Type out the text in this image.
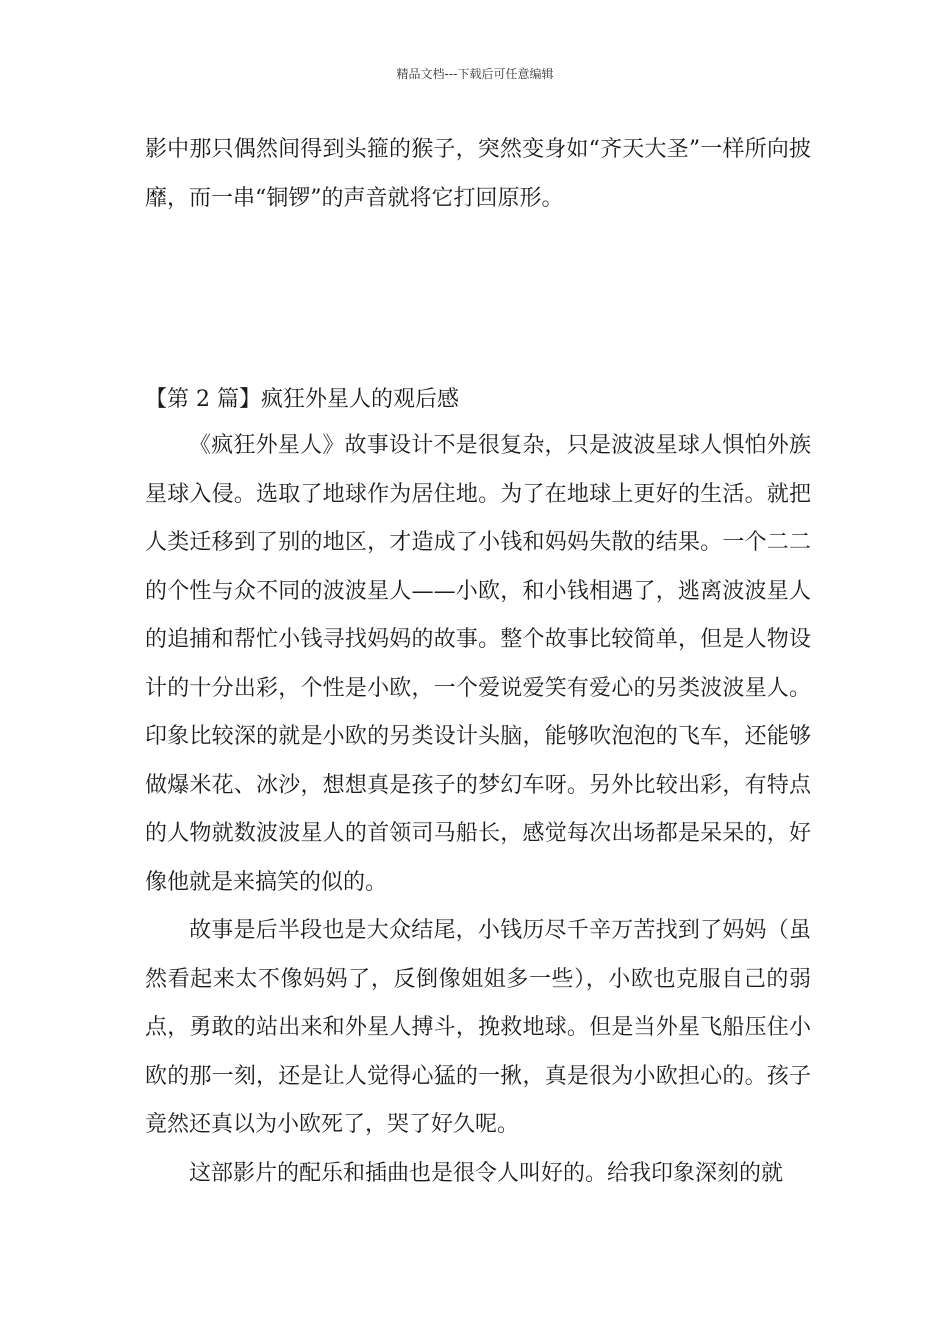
精品文档---下载后可任意编辑

影中那只偶然间得到头箍的猴子，突然变身如“齐天大圣”一样所向披靡，而一串“铜锣”的声音就将它打回原形。

【第 2 篇】疯狂外星人的观后感

《疯狂外星人》故事设计不是很复杂，只是波波星球人惧怕外族星球入侵。选取了地球作为居住地。为了在地球上更好的生活。就把人类迁移到了别的地区，才造成了小钱和妈妈失散的结果。一个二二的个性与众不同的波波星人——小欧，和小钱相遇了，逃离波波星人的追捕和帮忙小钱寻找妈妈的故事。整个故事比较简单，但是人物设计的十分出彩，个性是小欧，一个爱说爱笑有爱心的另类波波星人。印象比较深的就是小欧的另类设计头脑，能够吹泡泡的飞车，还能够做爆米花、冰沙，想想真是孩子的梦幻车呀。另外比较出彩，有特点的人物就数波波星人的首领司马船长，感觉每次出场都是呆呆的，好像他就是来搞笑的似的。

故事是后半段也是大众结尾，小钱历尽千辛万苦找到了妈妈（虽然看起来太不像妈妈了，反倒像姐姐多一些），小欧也克服自己的弱点，勇敢的站出来和外星人搏斗，挽救地球。但是当外星飞船压住小欧的那一刻，还是让人觉得心猛的一揪，真是很为小欧担心的。孩子竟然还真以为小欧死了，哭了好久呢。

这部影片的配乐和插曲也是很令人叫好的。给我印象深刻的就
